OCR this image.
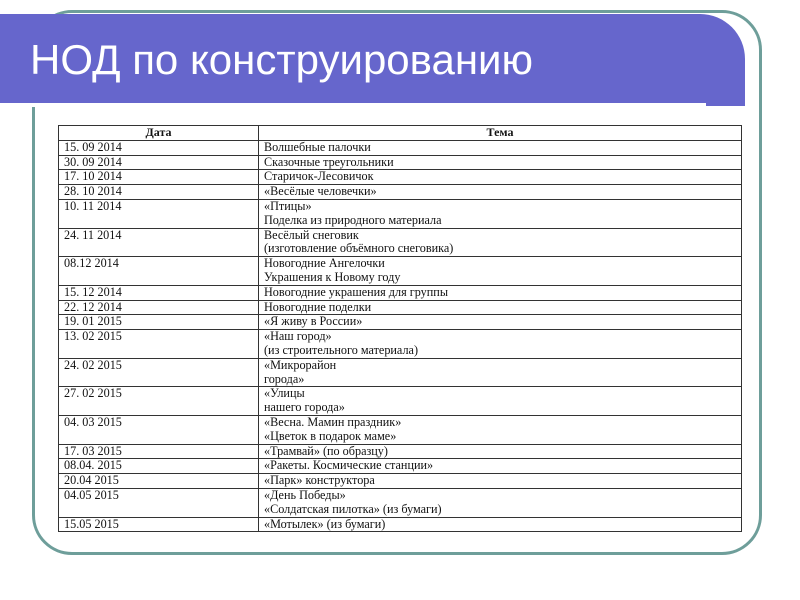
НОД по конструированию
Дата	Тема
15. 09 2014	Волшебные палочки

30. 09 2014	Сказочные треугольники

17. 10 2014	Старичок-Лесовичок

28. 10 2014	«Весёлые человечки»

10. 11 2014	«Птицы»
Поделка из природного материала

24. 11 2014	Весёлый снеговик
(изготовление объёмного снеговика)

08.12 2014	Новогодние Ангелочки
Украшения к Новому году

15. 12 2014	Новогодние украшения для группы

22. 12 2014	Новогодние поделки

19. 01 2015	«Я живу в России»

13. 02 2015	«Наш город»
(из строительного материала)

24. 02 2015	«Микрорайон
города»

27. 02 2015	«Улицы
нашего города»

04. 03 2015	«Весна. Мамин праздник»
«Цветок в подарок маме»

17. 03 2015	«Трамвай» (по образцу)

08.04. 2015	«Ракеты. Космические станции»

20.04 2015	«Парк» конструктора

04.05 2015	«День Победы»
«Солдатская пилотка» (из бумаги)

15.05 2015	«Мотылек» (из бумаги)
